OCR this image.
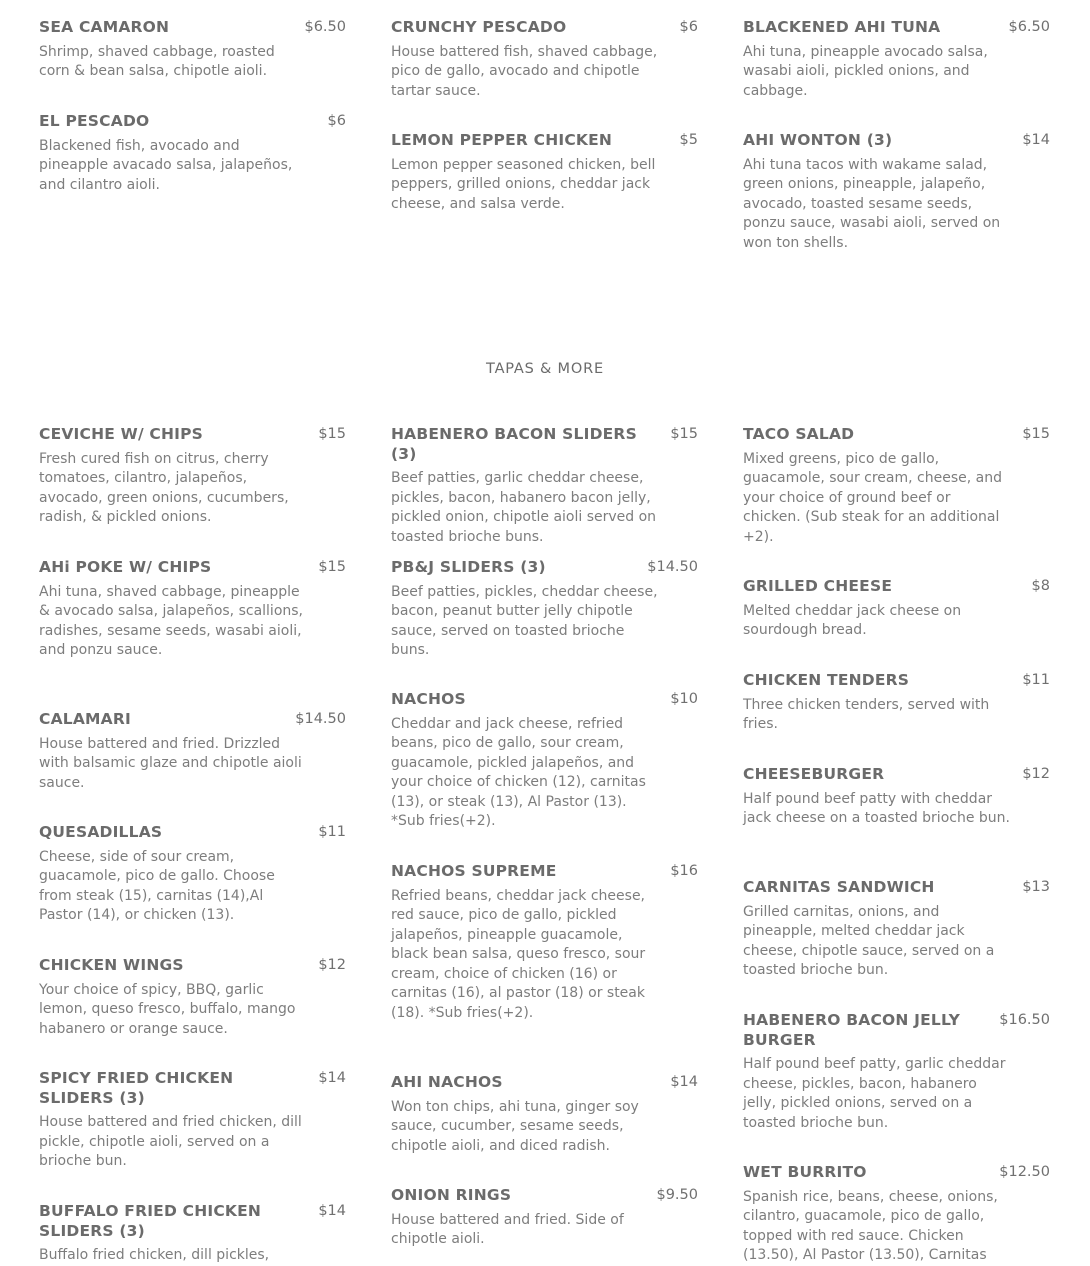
SEA CAMARON	$6.50
Shrimp, shaved cabbage, roasted corn & bean salsa, chipotle aioli.
EL PESCADO	$6
Blackened fish, avocado and pineapple avacado salsa, jalapeños, and cilantro aioli.
CRUNCHY PESCADO	$6
House battered fish, shaved cabbage, pico de gallo, avocado and chipotle tartar sauce.
LEMON PEPPER CHICKEN	$5
Lemon pepper seasoned chicken, bell peppers, grilled onions, cheddar jack cheese, and salsa verde.
BLACKENED AHI TUNA	$6.50
Ahi tuna, pineapple avocado salsa, wasabi aioli, pickled onions, and cabbage.
AHI WONTON (3)	$14
Ahi tuna tacos with wakame salad, green onions, pineapple, jalapeño, avocado, toasted sesame seeds, ponzu sauce, wasabi aioli, served on won ton shells.
TAPAS & MORE
CEVICHE W/ CHIPS	$15
Fresh cured fish on citrus, cherry tomatoes, cilantro, jalapeños, avocado, green onions, cucumbers, radish, & pickled onions.
AHi POKE W/ CHIPS	$15
Ahi tuna, shaved cabbage, pineapple & avocado salsa, jalapeños, scallions, radishes, sesame seeds, wasabi aioli, and ponzu sauce.
CALAMARI	$14.50
House battered and fried. Drizzled with balsamic glaze and chipotle aioli sauce.
QUESADILLAS	$11
Cheese, side of sour cream, guacamole, pico de gallo. Choose from steak (15), carnitas (14),Al Pastor (14), or chicken (13).
CHICKEN WINGS	$12
Your choice of spicy, BBQ, garlic lemon, queso fresco, buffalo, mango habanero or orange sauce.
SPICY FRIED CHICKEN SLIDERS (3)
$14
House battered and fried chicken, dill pickle, chipotle aioli, served on a brioche bun.
BUFFALO FRIED CHICKEN SLIDERS (3)
$14
Buffalo fried chicken, dill pickles,
HABENERO BACON SLIDERS (3)
$15
Beef patties, garlic cheddar cheese, pickles, bacon, habanero bacon jelly, pickled onion, chipotle aioli served on toasted brioche buns.
PB&J SLIDERS (3)	$14.50
Beef patties, pickles, cheddar cheese, bacon, peanut butter jelly chipotle sauce, served on toasted brioche buns.
NACHOS	$10
Cheddar and jack cheese, refried beans, pico de gallo, sour cream, guacamole, pickled jalapeños, and your choice of chicken (12), carnitas (13), or steak (13), Al Pastor (13). *Sub fries(+2).
NACHOS SUPREME	$16
Refried beans, cheddar jack cheese, red sauce, pico de gallo, pickled jalapeños, pineapple guacamole, black bean salsa, queso fresco, sour cream, choice of chicken (16) or carnitas (16), al pastor (18) or steak (18). *Sub fries(+2).
AHI NACHOS	$14
Won ton chips, ahi tuna, ginger soy sauce, cucumber, sesame seeds, chipotle aioli, and diced radish.
ONION RINGS	$9.50
House battered and fried. Side of chipotle aioli.
TACO SALAD	$15
Mixed greens, pico de gallo, guacamole, sour cream, cheese, and your choice of ground beef or chicken. (Sub steak for an additional +2).
GRILLED CHEESE	$8
Melted cheddar jack cheese on sourdough bread.
CHICKEN TENDERS	$11
Three chicken tenders, served with fries.
CHEESEBURGER	$12
Half pound beef patty with cheddar jack cheese on a toasted brioche bun.
CARNITAS SANDWICH	$13
Grilled carnitas, onions, and pineapple, melted cheddar jack cheese, chipotle sauce, served on a toasted brioche bun.
HABENERO BACON JELLY BURGER
$16.50
Half pound beef patty, garlic cheddar cheese, pickles, bacon, habanero jelly, pickled onions, served on a toasted brioche bun.
WET BURRITO	$12.50
Spanish rice, beans, cheese, onions, cilantro, guacamole, pico de gallo, topped with red sauce. Chicken (13.50), Al Pastor (13.50), Carnitas
